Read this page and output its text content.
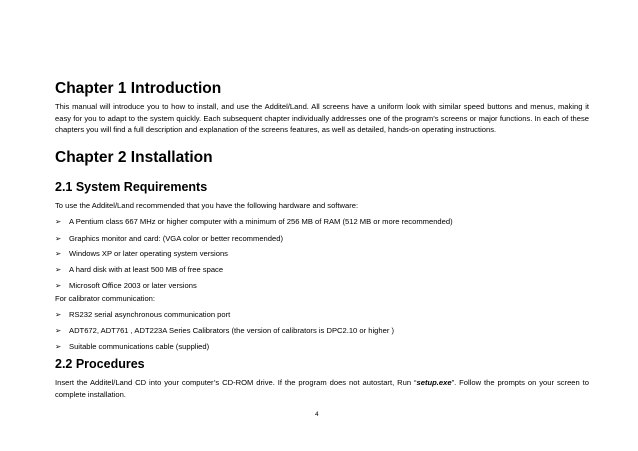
Chapter 1 Introduction

This manual will introduce you to how to install, and use the Additel/Land. All screens have a uniform look with similar speed buttons and menus, making it easy for you to adapt to the system quickly. Each subsequent chapter individually addresses one of the program’s screens or major functions. In each of these chapters you will find a full description and explanation of the screens features, as well as detailed, hands-on operating instructions.

Chapter 2 Installation
2.1 System Requirements

To use the Additel/Land recommended that you have the following hardware and software:

➢ A Pentium class 667 MHz or higher computer with a minimum of 256 MB of RAM (512 MB or more recommended)
➢ Graphics monitor and card: (VGA color or better recommended)
➢ Windows XP or later operating system versions
➢ A hard disk with at least 500 MB of free space
➢ Microsoft Office 2003 or later versions

For calibrator communication:

➢ RS232 serial asynchronous communication port
➢ ADT672, ADT761 , ADT223A Series Calibrators (the version of calibrators is DPC2.10 or higher )
➢ Suitable communications cable (supplied)
2.2 Procedures

Insert the Additel/Land CD into your computer’s CD-ROM drive. If the program does not autostart, Run “setup.exe”. Follow the prompts on your screen to complete installation.

4
